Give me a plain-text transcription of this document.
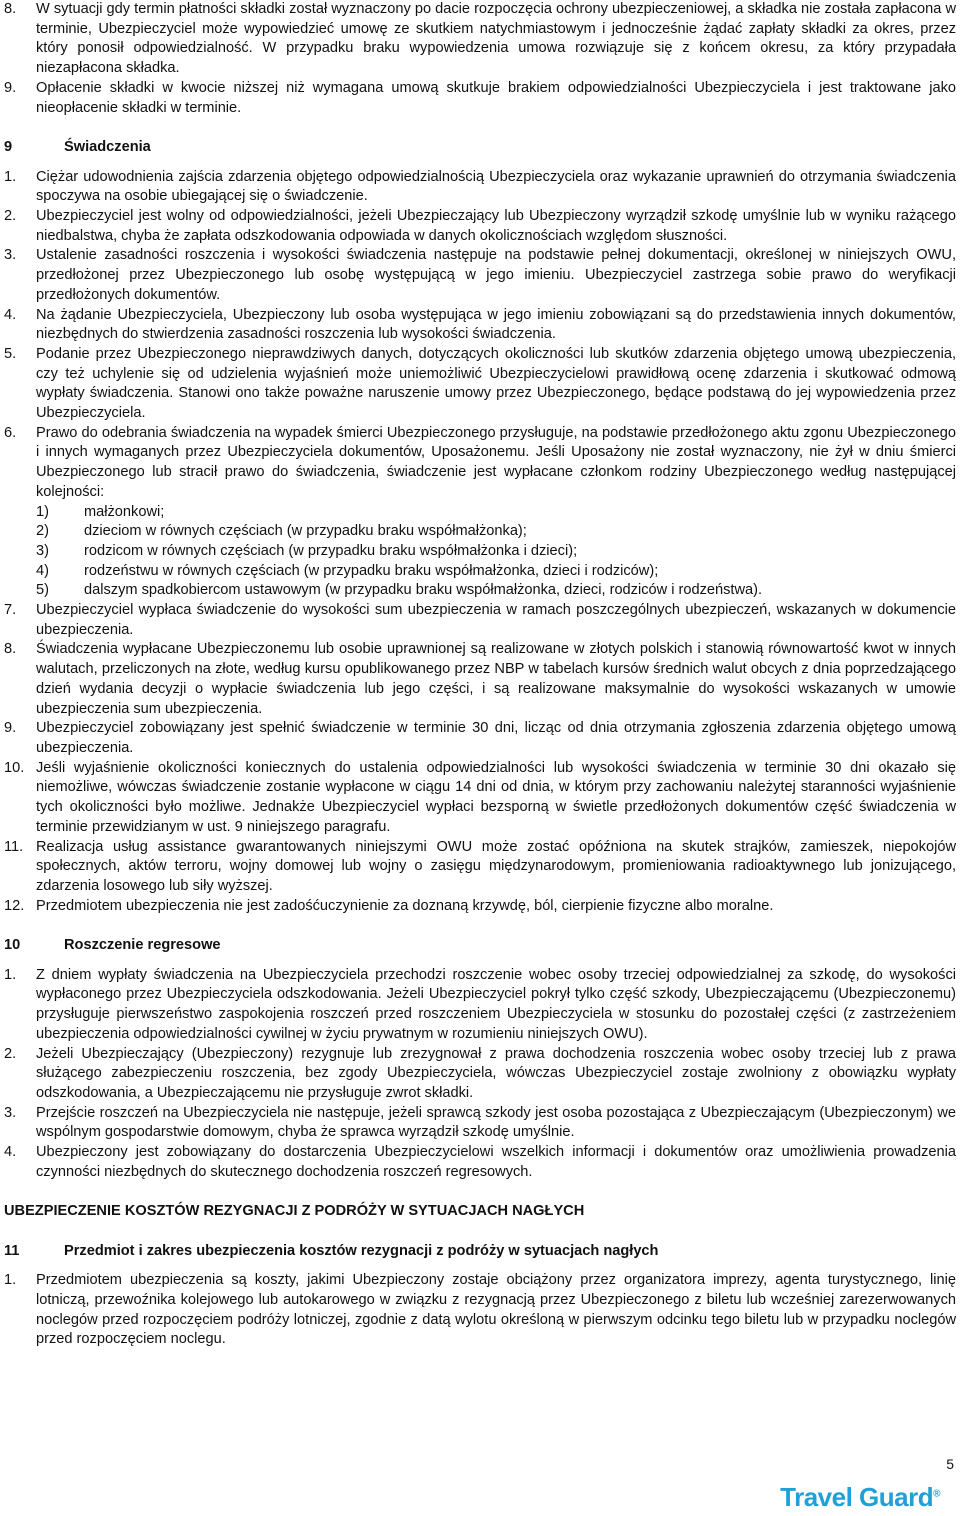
8.	W sytuacji gdy termin płatności składki został wyznaczony po dacie rozpoczęcia ochrony ubezpieczeniowej, a składka nie została zapłacona w terminie, Ubezpieczyciel może wypowiedzieć umowę ze skutkiem natychmiastowym i jednocześnie żądać zapłaty składki za okres, przez który ponosił odpowiedzialność. W przypadku braku wypowiedzenia umowa rozwiązuje się z końcem okresu, za który przypadała niezapłacona składka.
9.	Opłacenie składki w kwocie niższej niż wymagana umową skutkuje brakiem odpowiedzialności Ubezpieczyciela i jest traktowane jako nieopłacenie składki w terminie.
9	Świadczenia
1.	Ciężar udowodnienia zajścia zdarzenia objętego odpowiedzialnością Ubezpieczyciela oraz wykazanie uprawnień do otrzymania świadczenia spoczywa na osobie ubiegającej się o świadczenie.
2.	Ubezpieczyciel jest wolny od odpowiedzialności, jeżeli Ubezpieczający lub Ubezpieczony wyrządził szkodę umyślnie lub w wyniku rażącego niedbalstwa, chyba że zapłata odszkodowania odpowiada w danych okolicznościach względom słuszności.
3.	Ustalenie zasadności roszczenia i wysokości świadczenia następuje na podstawie pełnej dokumentacji, określonej w niniejszych OWU, przedłożonej przez Ubezpieczonego lub osobę występującą w jego imieniu. Ubezpieczyciel zastrzega sobie prawo do weryfikacji przedłożonych dokumentów.
4.	Na żądanie Ubezpieczyciela, Ubezpieczony lub osoba występująca w jego imieniu zobowiązani są do przedstawienia innych dokumentów, niezbędnych do stwierdzenia zasadności roszczenia lub wysokości świadczenia.
5.	Podanie przez Ubezpieczonego nieprawdziwych danych, dotyczących okoliczności lub skutków zdarzenia objętego umową ubezpieczenia, czy też uchylenie się od udzielenia wyjaśnień może uniemożliwić Ubezpieczycielowi prawidłową ocenę zdarzenia i skutkować odmową wypłaty świadczenia. Stanowi ono także poważne naruszenie umowy przez Ubezpieczonego, będące podstawą do jej wypowiedzenia przez Ubezpieczyciela.
6.	Prawo do odebrania świadczenia na wypadek śmierci Ubezpieczonego przysługuje, na podstawie przedłożonego aktu zgonu Ubezpieczonego i innych wymaganych przez Ubezpieczyciela dokumentów, Uposażonemu. Jeśli Uposażony nie został wyznaczony, nie żył w dniu śmierci Ubezpieczonego lub stracił prawo do świadczenia, świadczenie jest wypłacane członkom rodziny Ubezpieczonego według następującej kolejności:
1)	małżonkowi;
2)	dzieciom w równych częściach (w przypadku braku współmałżonka);
3)	rodzicom w równych częściach (w przypadku braku współmałżonka i dzieci);
4)	rodzeństwu w równych częściach (w przypadku braku współmałżonka, dzieci i rodziców);
5)	dalszym spadkobiercom ustawowym (w przypadku braku współmałżonka, dzieci, rodziców i rodzeństwa).
7.	Ubezpieczyciel wypłaca świadczenie do wysokości sum ubezpieczenia w ramach poszczególnych ubezpieczeń, wskazanych w dokumencie ubezpieczenia.
8.	Świadczenia wypłacane Ubezpieczonemu lub osobie uprawnionej są realizowane w złotych polskich i stanowią równowartość kwot w innych walutach, przeliczonych na złote, według kursu opublikowanego przez NBP w tabelach kursów średnich walut obcych z dnia poprzedzającego dzień wydania decyzji o wypłacie świadczenia lub jego części, i są realizowane maksymalnie do wysokości wskazanych w umowie ubezpieczenia sum ubezpieczenia.
9.	Ubezpieczyciel zobowiązany jest spełnić świadczenie w terminie 30 dni, licząc od dnia otrzymania zgłoszenia zdarzenia objętego umową ubezpieczenia.
10. Jeśli wyjaśnienie okoliczności koniecznych do ustalenia odpowiedzialności lub wysokości świadczenia w terminie 30 dni okazało się niemożliwe, wówczas świadczenie zostanie wypłacone w ciągu 14 dni od dnia, w którym przy zachowaniu należytej staranności wyjaśnienie tych okoliczności było możliwe. Jednakże Ubezpieczyciel wypłaci bezsporną w świetle przedłożonych dokumentów część świadczenia w terminie przewidzianym w ust. 9 niniejszego paragrafu.
11. Realizacja usług assistance gwarantowanych niniejszymi OWU może zostać opóźniona na skutek strajków, zamieszek, niepokojów społecznych, aktów terroru, wojny domowej lub wojny o zasięgu międzynarodowym, promieniowania radioaktywnego lub jonizującego, zdarzenia losowego lub siły wyższej.
12. Przedmiotem ubezpieczenia nie jest zadośćuczynienie za doznaną krzywdę, ból, cierpienie fizyczne albo moralne.
10	Roszczenie regresowe
1.	Z dniem wypłaty świadczenia na Ubezpieczyciela przechodzi roszczenie wobec osoby trzeciej odpowiedzialnej za szkodę, do wysokości wypłaconego przez Ubezpieczyciela odszkodowania. Jeżeli Ubezpieczyciel pokrył tylko część szkody, Ubezpieczającemu (Ubezpieczonemu) przysługuje pierwszeństwo zaspokojenia roszczeń przed roszczeniem Ubezpieczyciela w stosunku do pozostałej części (z zastrzeżeniem ubezpieczenia odpowiedzialności cywilnej w życiu prywatnym w rozumieniu niniejszych OWU).
2.	Jeżeli Ubezpieczający (Ubezpieczony) rezygnuje lub zrezygnował z prawa dochodzenia roszczenia wobec osoby trzeciej lub z prawa służącego zabezpieczeniu roszczenia, bez zgody Ubezpieczyciela, wówczas Ubezpieczyciel zostaje zwolniony z obowiązku wypłaty odszkodowania, a Ubezpieczającemu nie przysługuje zwrot składki.
3.	Przejście roszczeń na Ubezpieczyciela nie następuje, jeżeli sprawcą szkody jest osoba pozostająca z Ubezpieczającym (Ubezpieczonym) we wspólnym gospodarstwie domowym, chyba że sprawca wyrządził szkodę umyślnie.
4.	Ubezpieczony jest zobowiązany do dostarczenia Ubezpieczycielowi wszelkich informacji i dokumentów oraz umożliwienia prowadzenia czynności niezbędnych do skutecznego dochodzenia roszczeń regresowych.
UBEZPIECZENIE KOSZTÓW REZYGNACJI Z PODRÓŻY W SYTUACJACH NAGŁYCH
11	Przedmiot i zakres ubezpieczenia kosztów rezygnacji z podróży w sytuacjach nagłych
1.	Przedmiotem ubezpieczenia są koszty, jakimi Ubezpieczony zostaje obciążony przez organizatora imprezy, agenta turystycznego, linię lotniczą, przewoźnika kolejowego lub autokarowego w związku z rezygnacją przez Ubezpieczonego z biletu lub wcześniej zarezerwowanych noclegów przed rozpoczęciem podróży lotniczej, zgodnie z datą wylotu określoną w pierwszym odcinku tego biletu lub w przypadku noclegów przed rozpoczęciem noclegu.
5
Travel Guard®
